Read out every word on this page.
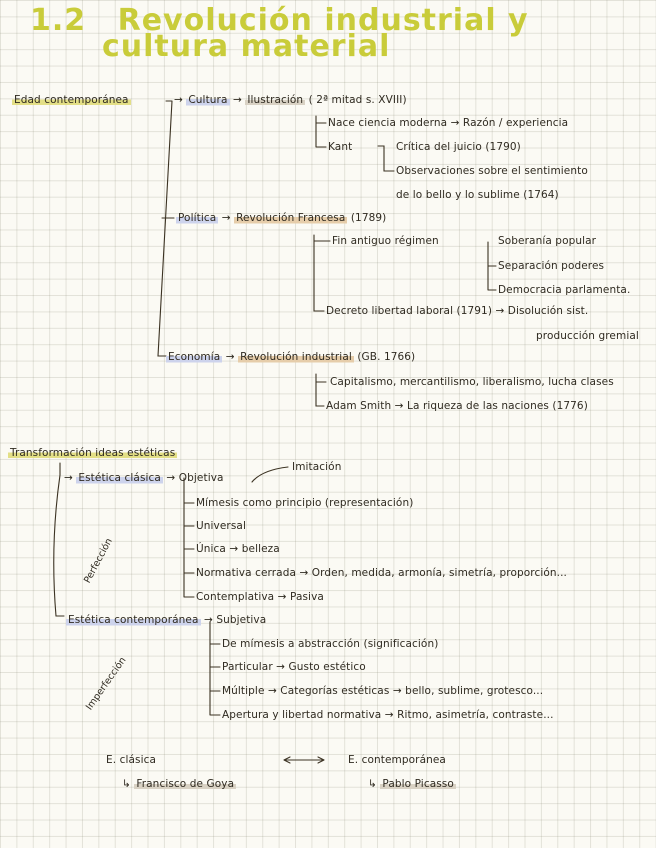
1.2 Revolución industrial y
cultura material
Edad contemporánea	→ Cultura → Ilustración ( 2ª mitad s. XVIII)
Nace ciencia moderna → Razón / experiencia
Kant	Crítica del juicio (1790)
Observaciones sobre el sentimiento
de lo bello y lo sublime (1764)
Política → Revolución Francesa (1789)
Fin antiguo régimen	Soberanía popular
Separación poderes
Democracia parlamenta.
Decreto libertad laboral (1791) → Disolución sist.
producción gremial
Economía → Revolución industrial (GB. 1766)
Capitalismo, mercantilismo, liberalismo, lucha clases
Adam Smith → La riqueza de las naciones (1776)
Transformación ideas estéticas
→ Estética clásica → Objetiva
Imitación
Mímesis como principio (representación)
Universal
Única → belleza
Normativa cerrada → Orden, medida, armonía, simetría, proporción...
Contemplativa → Pasiva
Perfección
Estética contemporánea → Subjetiva
De mímesis a abstracción (significación)
Particular → Gusto estético
Múltiple → Categorías estéticas → bello, sublime, grotesco...
Apertura y libertad normativa → Ritmo, asimetría, contraste...
Imperfección
E. clásica
↳ Francisco de Goya
E. contemporánea
↳ Pablo Picasso
